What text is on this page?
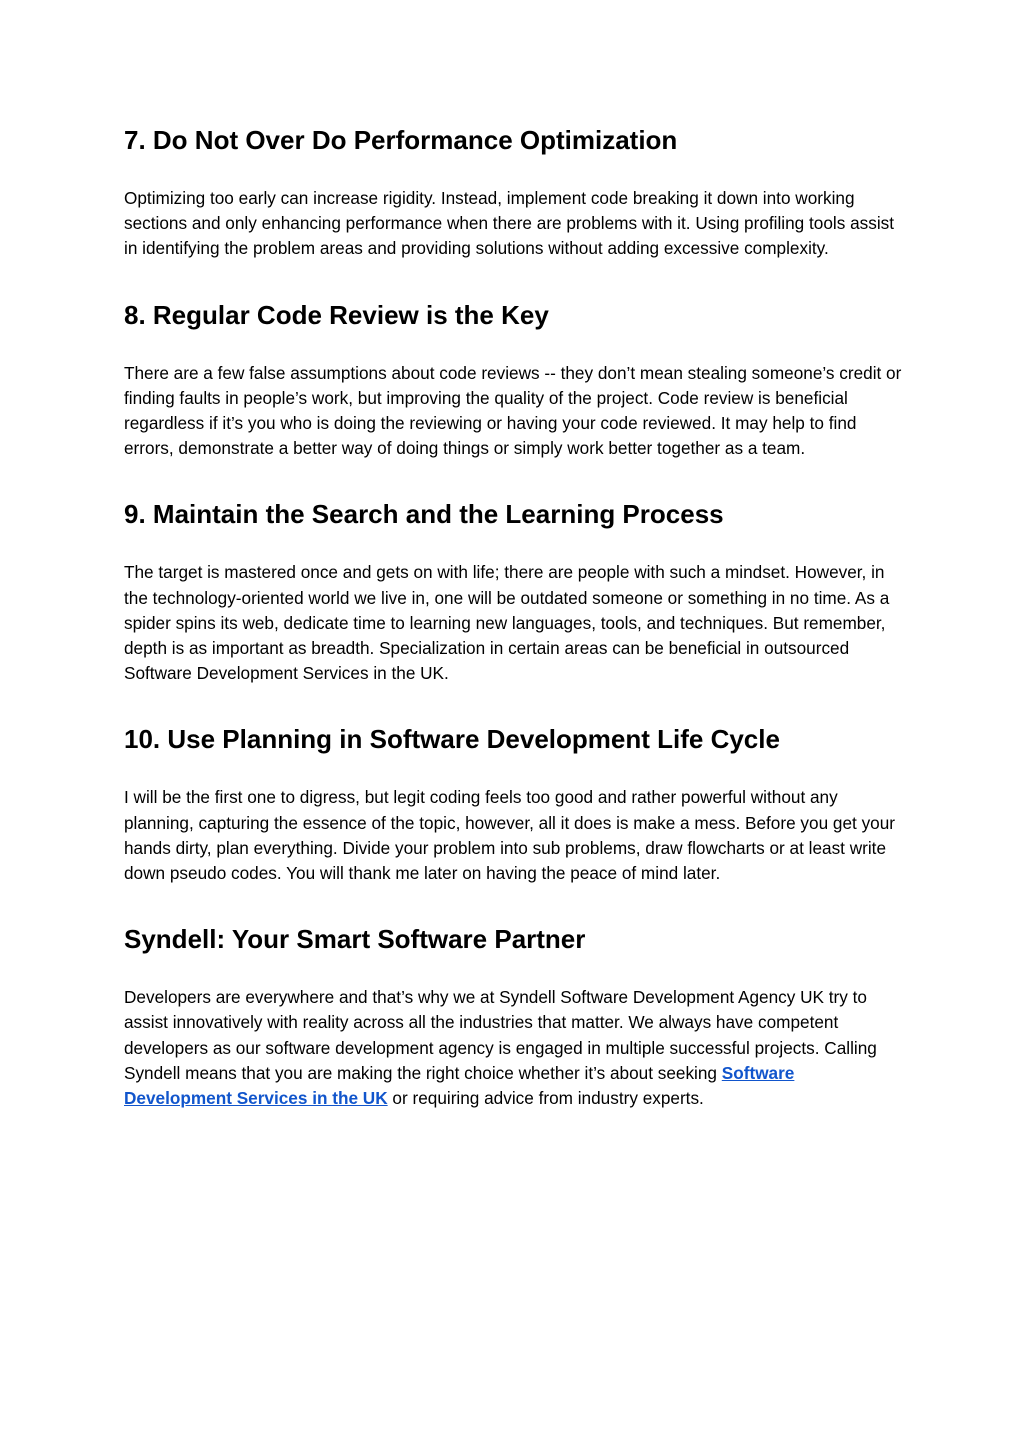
7. Do Not Over Do Performance Optimization

Optimizing too early can increase rigidity. Instead, implement code breaking it down into working sections and only enhancing performance when there are problems with it. Using profiling tools assist in identifying the problem areas and providing solutions without adding excessive complexity.

8. Regular Code Review is the Key

There are a few false assumptions about code reviews -- they don’t mean stealing someone’s credit or finding faults in people’s work, but improving the quality of the project. Code review is beneficial regardless if it’s you who is doing the reviewing or having your code reviewed. It may help to find errors, demonstrate a better way of doing things or simply work better together as a team.

9. Maintain the Search and the Learning Process

The target is mastered once and gets on with life; there are people with such a mindset. However, in the technology-oriented world we live in, one will be outdated someone or something in no time. As a spider spins its web, dedicate time to learning new languages, tools, and techniques. But remember, depth is as important as breadth. Specialization in certain areas can be beneficial in outsourced Software Development Services in the UK.

10. Use Planning in Software Development Life Cycle

I will be the first one to digress, but legit coding feels too good and rather powerful without any planning, capturing the essence of the topic, however, all it does is make a mess. Before you get your hands dirty, plan everything. Divide your problem into sub problems, draw flowcharts or at least write down pseudo codes. You will thank me later on having the peace of mind later.

Syndell: Your Smart Software Partner

Developers are everywhere and that’s why we at Syndell Software Development Agency UK try to assist innovatively with reality across all the industries that matter. We always have competent developers as our software development agency is engaged in multiple successful projects. Calling Syndell means that you are making the right choice whether it’s about seeking Software Development Services in the UK or requiring advice from industry experts.
